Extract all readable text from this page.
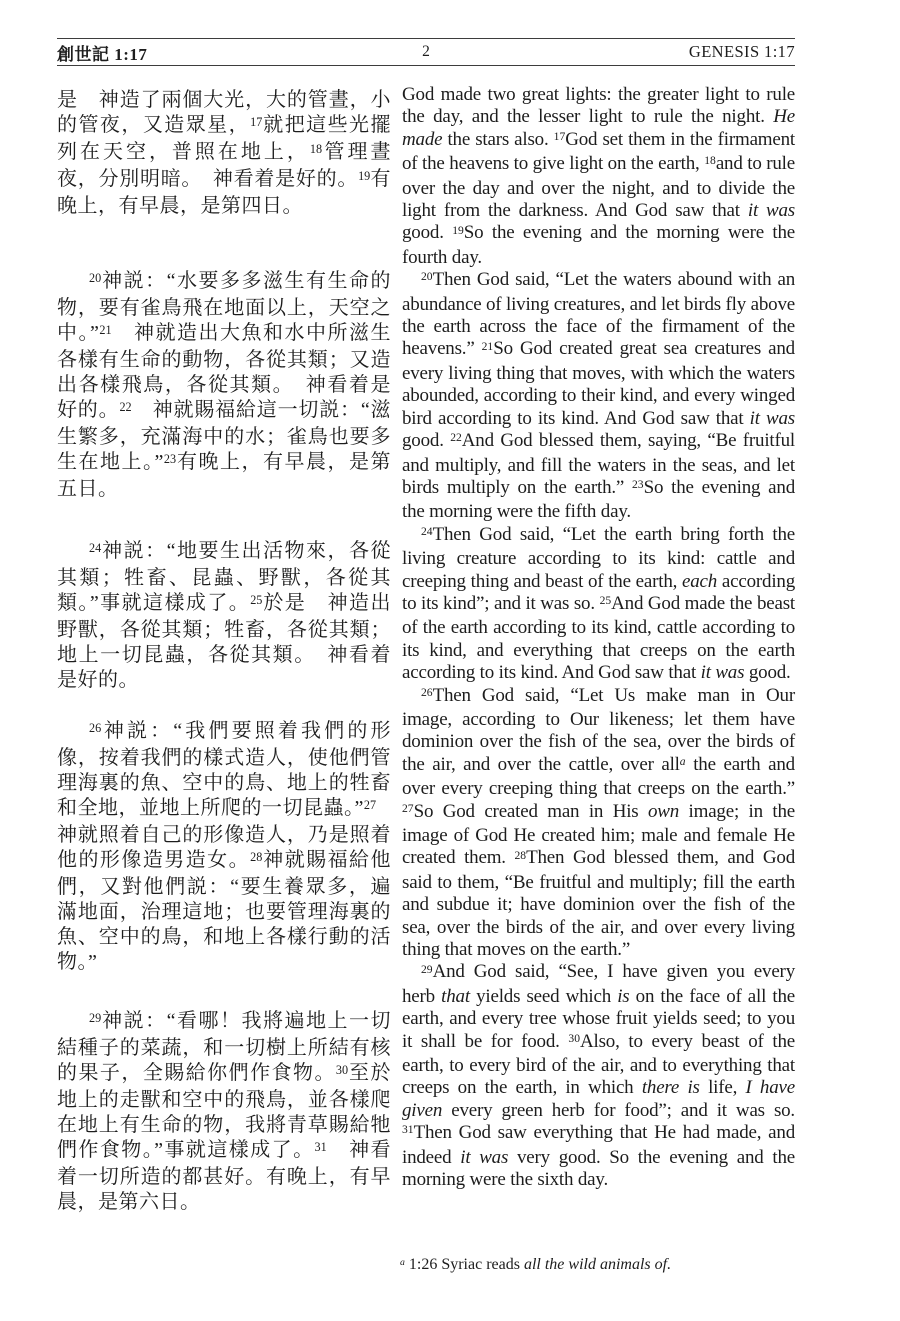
創世記 1:17	2	GENESIS 1:17

是　神造了兩個大光，大的管晝，小的管夜，又造眾星，$^{17}$就把這些光擺列在天空，普照在地上，$^{18}$管理晝夜，分別明暗。　神看着是好的。$^{19}$有晚上，有早晨，是第四日。

$^{20}$神説：“水要多多滋生有生命的物，要有雀鳥飛在地面以上，天空之中。”$^{21}$　神就造出大魚和水中所滋生各樣有生命的動物，各從其類；又造出各樣飛鳥，各從其類。　神看着是好的。$^{22}$　神就賜福給這一切説：“滋生繁多，充滿海中的水；雀鳥也要多生在地上。”$^{23}$有晚上，有早晨，是第五日。

$^{24}$神説：“地要生出活物來，各從其類；牲畜、昆蟲、野獸，各從其類。”事就這樣成了。$^{25}$於是　神造出野獸，各從其類；牲畜，各從其類；地上一切昆蟲，各從其類。　神看着是好的。

$^{26}$神説：“我們要照着我們的形像，按着我們的樣式造人，使他們管理海裏的魚、空中的鳥、地上的牲畜和全地，並地上所爬的一切昆蟲。”$^{27}$　神就照着自己的形像造人，乃是照着他的形像造男造女。$^{28}$神就賜福給他們，又對他們説：“要生養眾多，遍滿地面，治理這地；也要管理海裏的魚、空中的鳥，和地上各樣行動的活物。”

$^{29}$神説：“看哪！我將遍地上一切結種子的菜蔬，和一切樹上所結有核的果子，全賜給你們作食物。$^{30}$至於地上的走獸和空中的飛鳥，並各樣爬在地上有生命的物，我將青草賜給牠們作食物。”事就這樣成了。$^{31}$　神看着一切所造的都甚好。有晚上，有早晨，是第六日。

God made two great lights: the greater light to rule the day, and the lesser light to rule the night. He made the stars also. $^{17}$God set them in the firmament of the heavens to give light on the earth, $^{18}$and to rule over the day and over the night, and to divide the light from the darkness. And God saw that it was good. $^{19}$So the evening and the morning were the fourth day.

$^{20}$Then God said, “Let the waters abound with an abundance of living creatures, and let birds fly above the earth across the face of the firmament of the heavens.” $^{21}$So God created great sea creatures and every living thing that moves, with which the waters abounded, according to their kind, and every winged bird according to its kind. And God saw that it was good. $^{22}$And God blessed them, saying, “Be fruitful and multiply, and fill the waters in the seas, and let birds multiply on the earth.” $^{23}$So the evening and the morning were the fifth day.

$^{24}$Then God said, “Let the earth bring forth the living creature according to its kind: cattle and creeping thing and beast of the earth, each according to its kind”; and it was so. $^{25}$And God made the beast of the earth according to its kind, cattle according to its kind, and everything that creeps on the earth according to its kind. And God saw that it was good.

$^{26}$Then God said, “Let Us make man in Our image, according to Our likeness; let them have dominion over the fish of the sea, over the birds of the air, and over the cattle, over all$^a$ the earth and over every creeping thing that creeps on the earth.” $^{27}$So God created man in His own image; in the image of God He created him; male and female He created them. $^{28}$Then God blessed them, and God said to them, “Be fruitful and multiply; fill the earth and subdue it; have dominion over the fish of the sea, over the birds of the air, and over every living thing that moves on the earth.”

$^{29}$And God said, “See, I have given you every herb that yields seed which is on the face of all the earth, and every tree whose fruit yields seed; to you it shall be for food. $^{30}$Also, to every beast of the earth, to every bird of the air, and to everything that creeps on the earth, in which there is life, I have given every green herb for food”; and it was so. $^{31}$Then God saw everything that He had made, and indeed it was very good. So the evening and the morning were the sixth day.

$^a$ 1:26 Syriac reads all the wild animals of.
